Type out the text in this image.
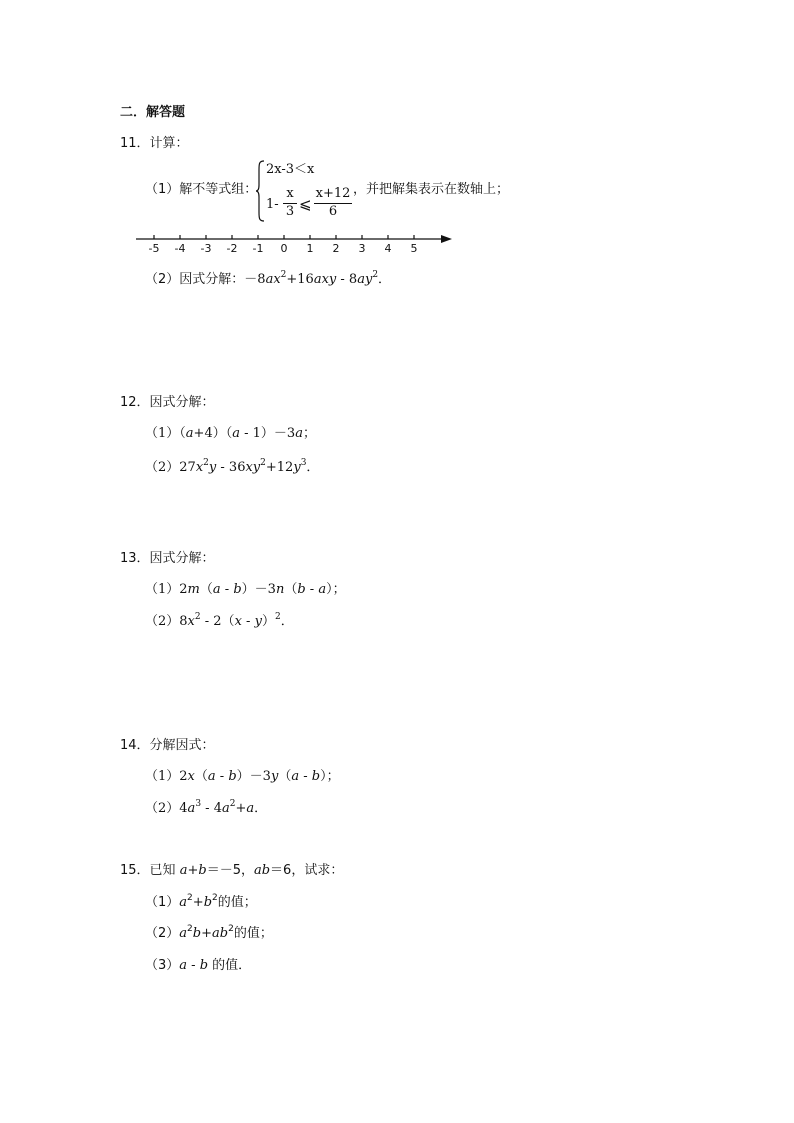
二．解答题
11．计算：
（1）解不等式组：
2x-3＜x
1-
x
3 ⩽
x+12
6
，并把解集表示在数轴上；
-5	-4	-3	-2	-1	0	1	2	3	4	5
（2）因式分解：$-8ax^2+16axy - 8ay^2$．
12．因式分解：
（1）（a+4）（a - 1）－3a；
$(2)27x^2y - 36xy^2+12y^3$．
13．因式分解：
（1）2m（a - b）－3n（b - a）；
$(2)8x^2 - 2(x - y)^2$．
14．分解因式：
（1）2x（a - b）－3y（a - b）；
$(2)4a^3 - 4a^2+a$．
15．已知 a+b＝－5，ab＝6，试求：
$(1)a^2+b^2$的值；
$(2)a^2b+ab^2$的值；
（3）a - b 的值．
